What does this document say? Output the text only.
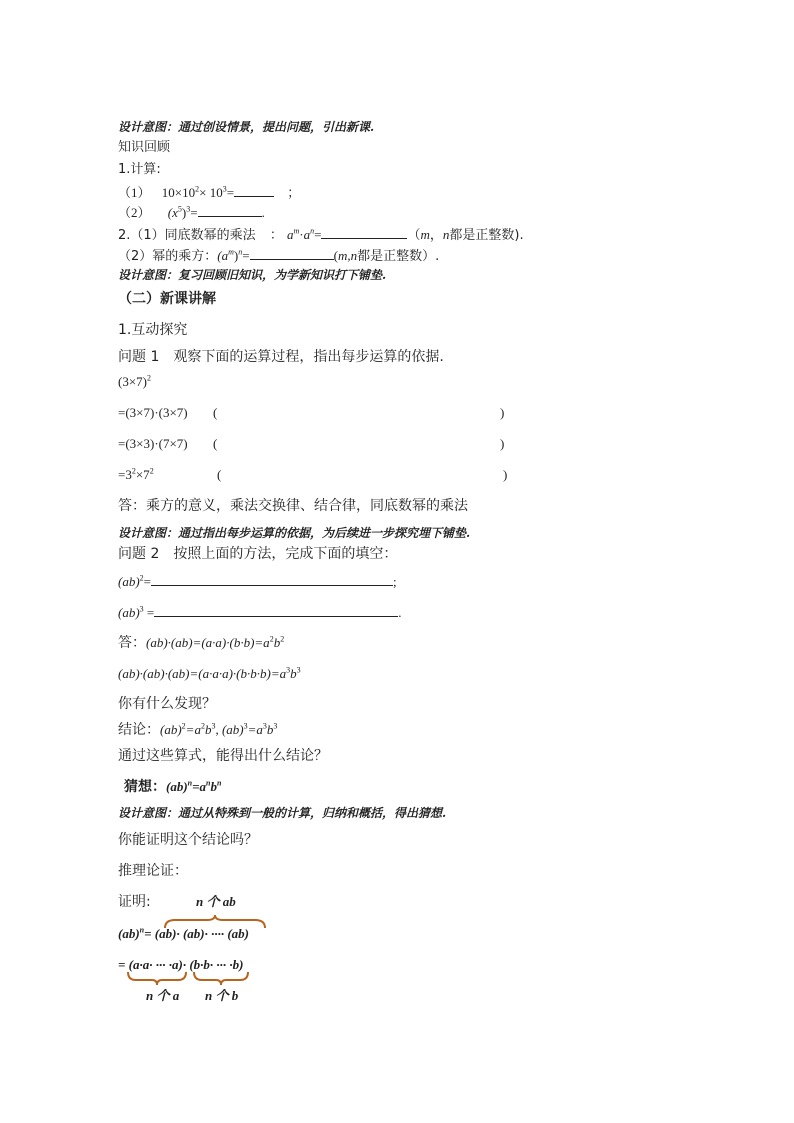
设计意图：通过创设情景，提出问题，引出新课.
知识回顾
1.计算:
（1） $10\times 10^2\times 10^3=$	；
（2） $(x^5)^3=$	.
2.（1）同底数幂的乘法 ： $a^m\cdot a^n=$	（m，n都是正整数).
（2）幂的乘方：$(a^m)^n=$	(m,n都是正整数）.
设计意图：复习回顾旧知识，为学新知识打下铺垫.
（二）新课讲解
1.互动探究
问题 1　观察下面的运算过程，指出每步运算的依据.
$(3\times 7)^2$
=(3×7)·(3×7) (	)
=(3×3)·(7×7) (	)
$=3^2\times 7^2$	(	)
答：乘方的意义，乘法交换律、结合律，同底数幂的乘法
设计意图：通过指出每步运算的依据，为后续进一步探究埋下铺垫.
问题 2　按照上面的方法，完成下面的填空：
(ab)$^2$=	;
(ab)$^3$ =	.
答：$(ab)\cdot(ab)=(a\cdot a)\cdot(b\cdot b)=a^2b^2$
$(ab)\cdot(ab)\cdot(ab)=(a\cdot a\cdot a)\cdot(b\cdot b\cdot b)=a^3b^3$
你有什么发现？
结论：$(ab)^2=a^2b^3$, $(ab)^3=a^3b^3$
通过这些算式，能得出什么结论？
猜想：$(ab)^n=a^nb^n$
设计意图：通过从特殊到一般的计算，归纳和概括，得出猜想.
你能证明这个结论吗？
推理论证：
证明:	n 个 ab
(ab)$^n$= (ab)· (ab)· ···· (ab)
= (a·a· ··· ·a)· (b·b· ··· ·b)
n 个 a n 个 b
